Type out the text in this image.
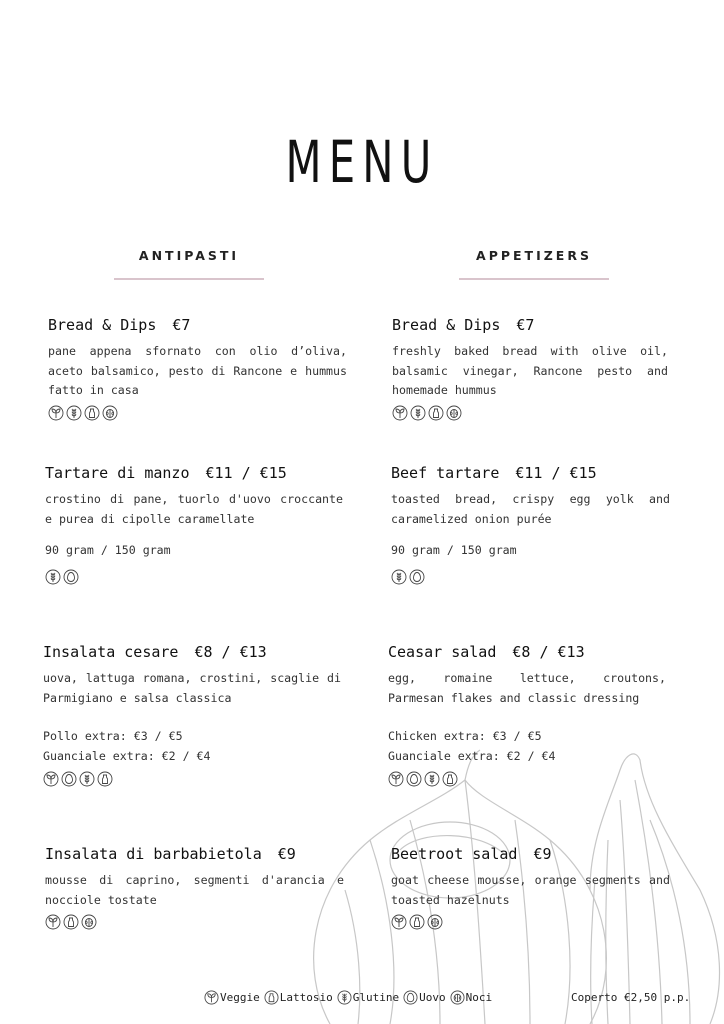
MENU
ANTIPASTI	APPETIZERS
Bread & Dips €7
pane appena sfornato con olio d’oliva, aceto balsamico, pesto di Rancone e hummus fatto in casa
Tartare di manzo €11 / €15
crostino di pane, tuorlo d'uovo croccante e purea di cipolle caramellate
90 gram / 150 gram
Insalata cesare €8 / €13
uova, lattuga romana, crostini, scaglie di Parmigiano e salsa classica
Pollo extra: €3 / €5
Guanciale extra: €2 / €4
Insalata di barbabietola €9
mousse di caprino, segmenti d'arancia e nocciole tostate
Bread & Dips €7
freshly baked bread with olive oil, balsamic vinegar, Rancone pesto and homemade hummus
Beef tartare €11 / €15
toasted bread, crispy egg yolk and caramelized onion purée
90 gram / 150 gram
Ceasar salad €8 / €13
egg, romaine lettuce, croutons, Parmesan flakes and classic dressing
Chicken extra: €3 / €5
Guanciale extra: €2 / €4
Beetroot salad €9
goat cheese mousse, orange segments and toasted hazelnuts
Veggie Lattosio Glutine Uovo Noci	Coperto €2,50 p.p.
